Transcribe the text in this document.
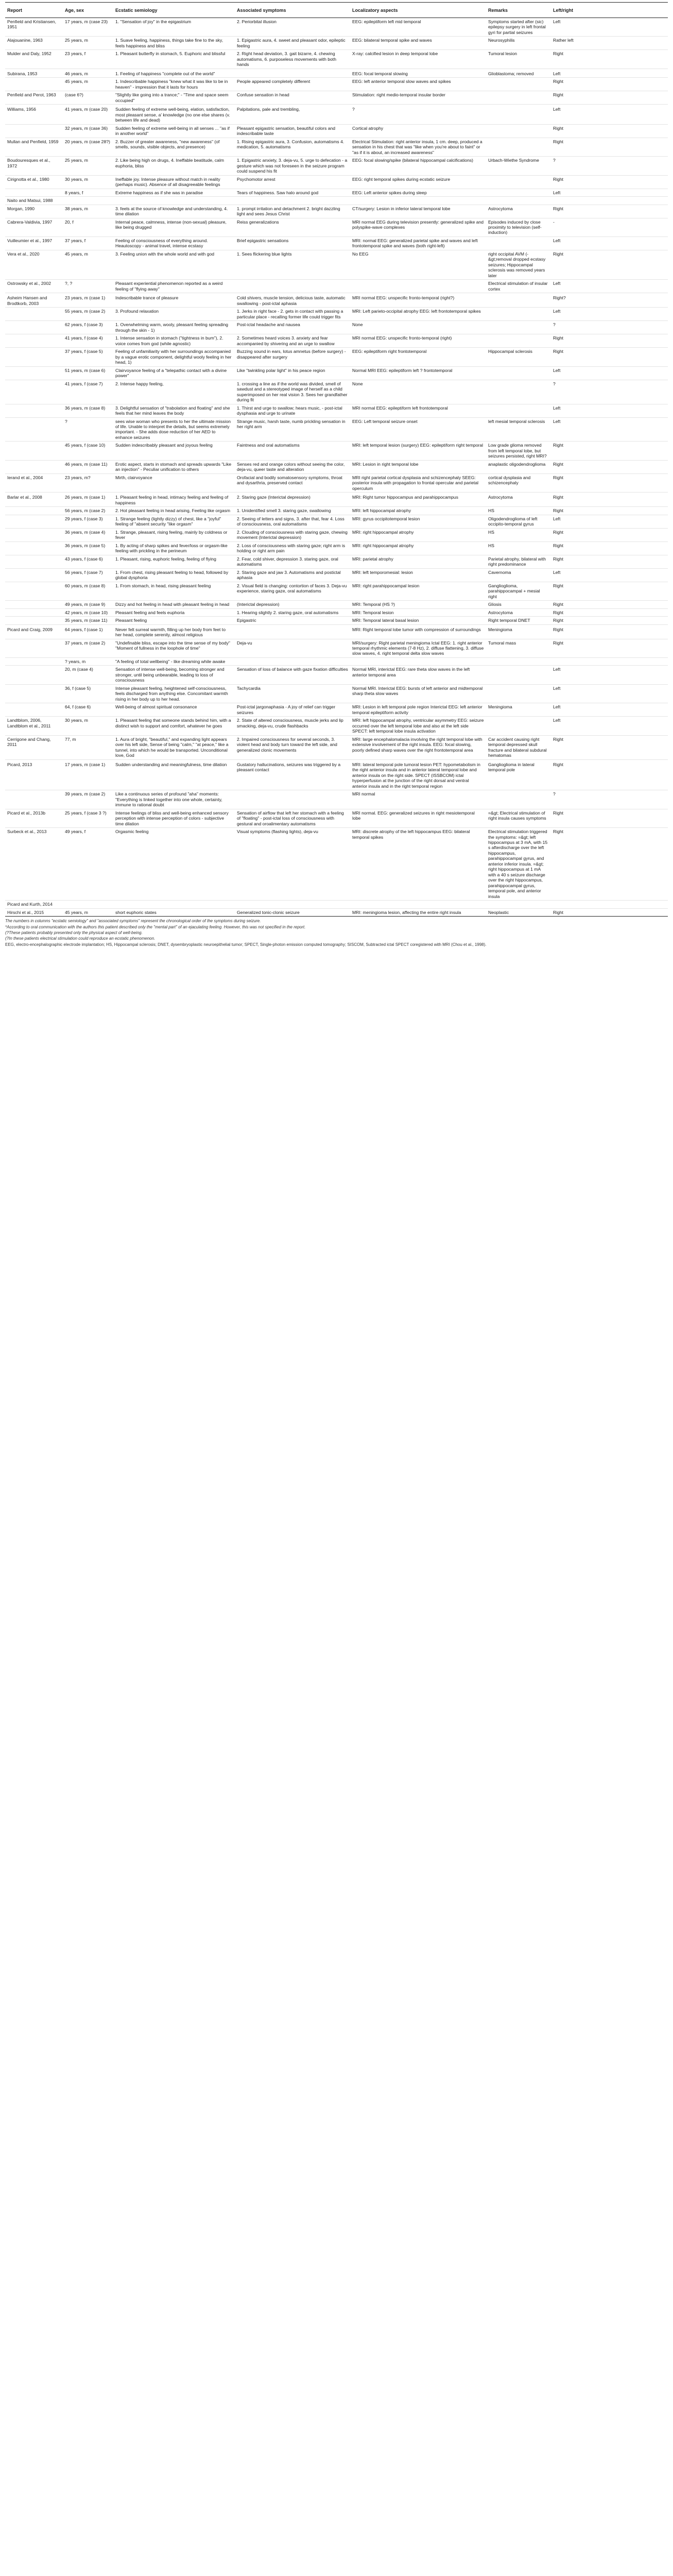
Report	Age, sex	Ecstatic semiology	Associated symptoms	Localizatory aspects	Remarks	Left/right
Penfield and Kristiansen, 1951	17 years, m (case 23)	1. "Sensation of joy" in the epigastrium	2. Periorbital illusion	EEG: epileptiform left mid temporal	Symptoms started after (sic) epilepsy surgery in left frontal gyri for partial seizures	Left
Alajouanine, 1963	25 years, m	1. Suave feeling, happiness, things take fine to the sky, feels happiness and bliss	1. Epigastric aura, 4. sweet and pleasant odor, epileptic feeling	EEG: bilateral temporal spike and waves	Neurosyphilis	Rather left
Mulder and Daly, 1952	23 years, f	1. Pleasant butterfly in stomach, 5. Euphoric and blissful	2. Right head deviation, 3. gait bizarre, 4. chewing automatisms, 6. purposeless movements with both hands	X-ray: calcified lesion in deep temporal lobe	Tumoral lesion	Right
Subirana, 1953	46 years, m	1. Feeling of happiness "complete out of the world"		EEG: focal temporal slowing	Glioblastoma; removed	Left
	45 years, m	1. Indescribable happiness "knew what it was like to be in heaven" - impression that it lasts for hours	People appeared completely different	EEG: left anterior temporal slow waves and spikes		Right
Penfield and Perot, 1963	(case 6?)	"Slightly like going into a trance;" - "Time and space seem occupied"	Confuse sensation in head	Stimulation: right medio-temporal insular border		Right
Williams, 1956	41 years, m (case 20)	Sudden feeling of extreme well-being, elation, satisfaction, most pleasant sense, a' knowledge (no one else shares (v. between life and dead)	Palpitations, pale and trembling,	?		Left
	32 years, m (case 36)	Sudden feeling of extreme well-being in all senses ... "as if in another world"	Pleasant epigastric sensation, beautiful colors and indescribable taste	Cortical atrophy		Right
Mullan and Penfield, 1959	20 years, m (case 28?)	2. Buzzer of greater awareness, "new awareness" (of smells, sounds, visible objects, and presence)	1. Rising epigastric aura, 3. Confusion, automatisms 4. medication, 5. automatisms	Electrical Stimulation: right anterior insula, 1 cm. deep, produced a sensation in his chest that was "like when you're about to faint" or "as if it is about, an increased awareness"		Right
Boudouresques et al., 1972	25 years, m	2. Like being high on drugs, 4. Ineffable beatitude, calm euphoria, bliss	1. Epigastric anxiety, 3. deja-vu, 5. urge to defecation - a gesture which was not foreseen in the seizure program could suspend his fit	EEG: focal slowing/spike (bilateral hippocampal calcifications)	Urbach-Wiethe Syndrome	?
Cirignotta et al., 1980	30 years, m	Ineffable joy. Intense pleasure without match in reality (perhaps music). Absence of all disagreeable feelings	Psychomotor arrest	EEG: right temporal spikes during ecstatic seizure		Right
	8 years, f	Extreme happiness as if she was in paradise	Tears of happiness. Saw halo around god	EEG: Left anterior spikes during sleep		Left
Naito and Matsui, 1988						
Morgan, 1990	38 years, m	3. feels at the source of knowledge and understanding, 4. time dilation	1. prompt irritation and detachment 2. bright dazzling light and sees Jesus Christ	CT/surgery: Lesion in inferior lateral temporal lobe	Astrocytoma	Right
Cabrera-Valdivia, 1997	20, f	Internal peace, calmness, intense (non-sexual) pleasure, like being drugged	Reiss generalizations	MRI normal EEG during television presently: generalized spike and polyspike-wave complexes	Episodes induced by close proximity to television (self-induction)	-
Vuilleumier et al., 1997	37 years, f	Feeling of consciousness of everything around. Heautoscopy - animal travel, intense ecstasy	Brief epigastric sensations	MRI: normal EEG: generalized parietal spike and waves and left frontotemporal spike and waves (both right-left)		Left
Vera et al., 2020	45 years, m	3. Feeling union with the whole world and with god	1. Sees flickering blue lights	No EEG	right occipital AVM (-&gt;removal dropped ecstasy seizures; Hippocampal sclerosis was removed years later	Right
Ostrowsky et al., 2002	?, ?	Pleasant experiential phenomenon reported as a weird feeling of "flying away"			Electrical stimulation of insular cortex	Left
Asheim Hansen and Brodtkorb, 2003	23 years, m (case 1)	Indescribable trance of pleasure	Cold shivers, muscle tension, delicious taste, automatic swallowing - post-ictal aphasia	MRI normal EEG: unspecific fronto-temporal (right?)		Right?
	55 years, m (case 2)	3. Profound relaxation	1. Jerks in right face - 2. gets in contact with passing a particular place - recalling former life could trigger fits	MRI: Left parieto-occipital atrophy EEG: left frontotemporal spikes		Left
	62 years, f (case 3)	1. Overwhelming warm, wooly, pleasant feeling spreading through the skin - 1)	Post-ictal headache and nausea	None		?
	41 years, f (case 4)	1. Intense sensation in stomach ("tightness in bum"), 2. voice comes from god (while agnostic)	2. Sometimes heard voices 3. anxiety and fear accompanied by shivering and an urge to swallow	MRI normal EEG: unspecific fronto-temporal (right)		Right
	37 years, f (case 5)	Feeling of unfamiliarity with her surroundings accompanied by a vague erotic component, delightful wooly feeling in her head, 1)	Buzzing sound in ears, lotus amnetus (before surgery) - disappeared after surgery	EEG: epileptiform right frontotemporal	Hippocampal sclerosis	Right
	51 years, m (case 6)	Clairvoyance feeling of a "telepathic contact with a divine power"	Like "twinkling polar light" in his peace region	Normal MRI EEG: epileptiform left ? frontotemporal		Left
	41 years, f (case 7)	2. Intense happy feeling,	1. crossing a line as if the world was divided, smell of sawdust and a stereotyped image of herself as a child superimposed on her real vision 3. Sees her grandfather during fit	None		?
	36 years, m (case 8)	3. Delightful sensation of "trabolation and floating" and she feels that her mind leaves the body	1. Thirst and urge to swallow; hears music, - post-ictal dysphasia and urge to urinate	MRI normal EEG: epileptiform left frontotemporal		Left
	?	sees wise woman who presents to her the ultimate mission of life. Unable to interpret the details, but seems extremely important. - She adds dose reduction of her AED to enhance seizures	Strange music, harsh taste, numb prickling sensation in her right arm	EEG: Left temporal seizure onset	left mesial temporal sclerosis	Left
	45 years, f (case 10)	Sudden indescribably pleasant and joyous feeling	Faintness and oral automatisms	MRI: left temporal lesion (surgery) EEG: epileptiform right temporal	Low grade glioma removed from left temporal lobe, but seizures persisted, right MRI?	Right
	46 years, m (case 11)	Erotic aspect, starts in stomach and spreads upwards "Like an injection" - Peculiar unification to others	Senses red and orange colors without seeing the color, deja-vu, queer taste and alteration	MRI: Lesion in right temporal lobe	anaplastic oligodendroglioma	Right
Ierand et al., 2004	23 years, m?	Mirth, clairvoyance	Orofacial and bodily somatosensory symptoms, throat and dysarthria, preserved contact	MRI right parietal cortical dysplasia and schizencephaly SEEG: posterior insula with propagation to frontal opercular and parietal operculum	cortical dysplasia and schizencephaly	Right
Barlar et al., 2008	26 years, m (case 1)	1. Pleasant feeling in head, intimacy feeling and feeling of happiness	2. Staring gaze (Interictal depression)	MRI: Right tumor hippocampus and parahippocampus	Astrocytoma	Right
	56 years, m (case 2)	2. Hot pleasant feeling in head arising, Feeling like orgasm	1. Unidentified smell 3. staring gaze, swallowing	MRI: left hippocampal atrophy	HS	Right
	29 years, f (case 3)	1. Strange feeling (lightly dizzy) of chest, like a "joyful" feeling of "absent security "like orgasm"	2. Seeing of letters and signs, 3. after that, fear 4. Loss of consciousness, oral automatisms	MRI: gyrus occipitotemporal lesion	Oligodendroglioma of left occipito-temporal gyrus	Left
	36 years, m (case 4)	1. Strange, pleasant, rising feeling, mainly by coldness or fever	2. Clouding of consciousness with staring gaze, chewing movement (Interictal depression)	MRI: right hippocampal atrophy	HS	Right
	36 years, m (case 5)	1. By acting of sharp spikes and fever/loss or orgasm-like feeling with prickling in the perineum	2. Loss of consciousness with staring gaze; right arm is holding or right arm pain	MRI: right hippocampal atrophy	HS	Right
	43 years, f (case 6)	1. Pleasant, rising, euphoric feeling, feeling of flying	2. Fear, cold shiver, depression 3. staring gaze, oral automatisms	MRI: parietal atrophy	Parietal atrophy, bilateral with right predominance	Right
	56 years, f (case 7)	1. From chest, rising pleasant feeling to head, followed by global dysphoria	2. Staring gaze and jaw 3. Automatisms and postictal aphasia	MRI: left temporomesial: lesion	Cavernoma	Left
	60 years, m (case 8)	1. From stomach, in head, rising pleasant feeling	2. Visual field is changing: contortion of faces 3. Deja-vu experience, staring gaze, oral automatisms	MRI: right parahippocampal lesion	Ganglioglioma, parahippocampal + mesial right	Right
	49 years, m (case 9)	Dizzy and hot feeling in head with pleasant feeling in head	(Interictal depression)	MRI: Temporal (HS ?)	Gliosis	Right
	42 years, m (case 10)	Pleasant feeling and feels euphoria	1. Hearing slightly 2. staring gaze, oral automatisms	MRI: Temporal lesion	Astrocytoma	Right
	35 years, m (case 11)	Pleasant feeling	Epigastric	MRI: Temporal lateral basal lesion	Right temporal DNET	Right
Picard and Craig, 2009	64 years, f (case 1)	Never felt surreal warmth, filling up her body from feet to her head, complete serenity, almost religious		MRI: Right temporal lobe tumor with compression of surroundings	Meningioma	Right
	37 years, m (case 2)	"Undefinable bliss, escape into the time sense of my body" "Moment of fullness in the loophole of time"	Deja-vu	MRI/surgery: Right parietal meningioma Ictal EEG: 1. right anterior temporal rhythmic elements (7-8 Hz), 2. diffuse flattening, 3. diffuse slow waves, 4. right temporal delta slow waves	Tumoral mass	Right
	? years, m	"A feeling of total wellbeing" - like dreaming while awake				
	20, m (case 4)	Sensation of intense well-being, becoming stronger and stronger, until being unbearable, leading to loss of consciousness	Sensation of loss of balance with gaze fixation difficulties	Normal MRI, interictal EEG: rare theta slow waves in the left anterior temporal area		Left
	36, f (case 5)	Intense pleasant feeling, heightened self-consciousness, feels discharged from anything else. Concomitant warmth rising in her body up to her head.	Tachycardia	Normal MRI. Interictal EEG: bursts of left anterior and midtemporal sharp theta slow waves		Left
	64, f (case 6)	Well-being of almost spiritual consonance	Post-ictal jargonaphasia - A joy of relief can trigger seizures	MRI: Lesion in left temporal pole region Interictal EEG: left anterior temporal epileptiform activity	Meningioma	Left
Landtblom, 2006, Landtblom et al., 2011	30 years, m	1. Pleasant feeling that someone stands behind him, with a distinct wish to support and comfort, whatever he goes	2. State of altered consciousness, muscle jerks and lip smacking, deja-vu, crude flashbacks	MRI: left hippocampal atrophy, ventricular asymmetry EEG: seizure occurred over the left temporal lobe and also at the left side SPECT: left temporal lobe insula activation		Left
Cerrigone and Chang, 2011	77, m	1. Aura of bright, "beautiful," and expanding light appears over his left side, Sense of being "calm," "at peace," like a tunnel, into which he would be transported. Unconditional love, God	2. Impaired consciousness for several seconds, 3. violent head and body turn toward the left side, and generalized clonic movements	MRI: large encephalomalacia involving the right temporal lobe with extensive involvement of the right insula. EEG: focal slowing, poorly defined sharp waves over the right frontotemporal area	Car accident causing right temporal depressed skull fracture and bilateral subdural hematomas	Right
Picard, 2013	17 years, m (case 1)	Sudden understanding and meaningfulness, time dilation	Gustatory hallucinations, seizures was triggered by a pleasant contact	MRI: lateral temporal pole tumoral lesion PET: hypometabolism in the right anterior insula and in anterior lateral temporal lobe and anterior insula on the right side. SPECT (ISSBCOM) ictal hyperperfusion at the junction of the right dorsal and ventral anterior insula and in the right temporal region	Ganglioglioma in lateral temporal pole	Right
	39 years, m (case 2)	Like a continuous series of profound "aha" moments: "Everything is linked together into one whole, certainty, immune to rational doubt		MRI normal		?
Picard et al., 2013b	25 years, f (case 3 ?)	Intense feelings of bliss and well-being enhanced sensory perception with intense perception of colors - subjective time dilation	Sensation of airflow that left her stomach with a feeling of "floating" - post-ictal loss of consciousness with gestural and oroalimentary automatisms	MRI normal. EEG: generalized seizures in right mesiotemporal lobe	=&gt; Electrical stimulation of right insula causes symptoms	Right
Surbeck et al., 2013	49 years, f	Orgasmic feeling	Visual symptoms (flashing lights), deja-vu	MRI: discrete atrophy of the left hippocampus EEG: bilateral temporal spikes	Electrical stimulation triggered the symptoms: =&gt; left hippocampus at 3 mA, with 15 s afterdischarge over the left hippocampus, parahippocampal gyrus, and anterior inferior insula. =&gt; right hippocampus at 1 mA with a 40 s seizure discharge over the right hippocampus, parahippocampal gyrus, temporal pole, and anterior insula	Right
Picard and Kurth, 2014						
Hirschi et al., 2015	45 years, m	short euphoric states	Generalized tonic-clonic seizure	MRI: meningioma lesion, affecting the entire right insula	Neoplastic	Right

The numbers in columns "ecstatic semiology" and "associated symptoms" represent the chronological order of the symptoms during seizure.

*According to oral communication with the authors this patient described only the "mental part" of an ejaculating feeling. However, this was not specified in the report.

(?These patients probably presented only the physical aspect of well-being.

(?In these patients electrical stimulation could reproduce an ecstatic phenomenon.

EEG, electro-encephalographic electrode implantation; HS, Hippocampal sclerosis; DNET, dysembryoplastic neuroepithelial tumor; SPECT, Single-photon emission computed tomography; SISCOM, Subtracted ictal SPECT coregistered with MRI (Chou et al., 1998).
